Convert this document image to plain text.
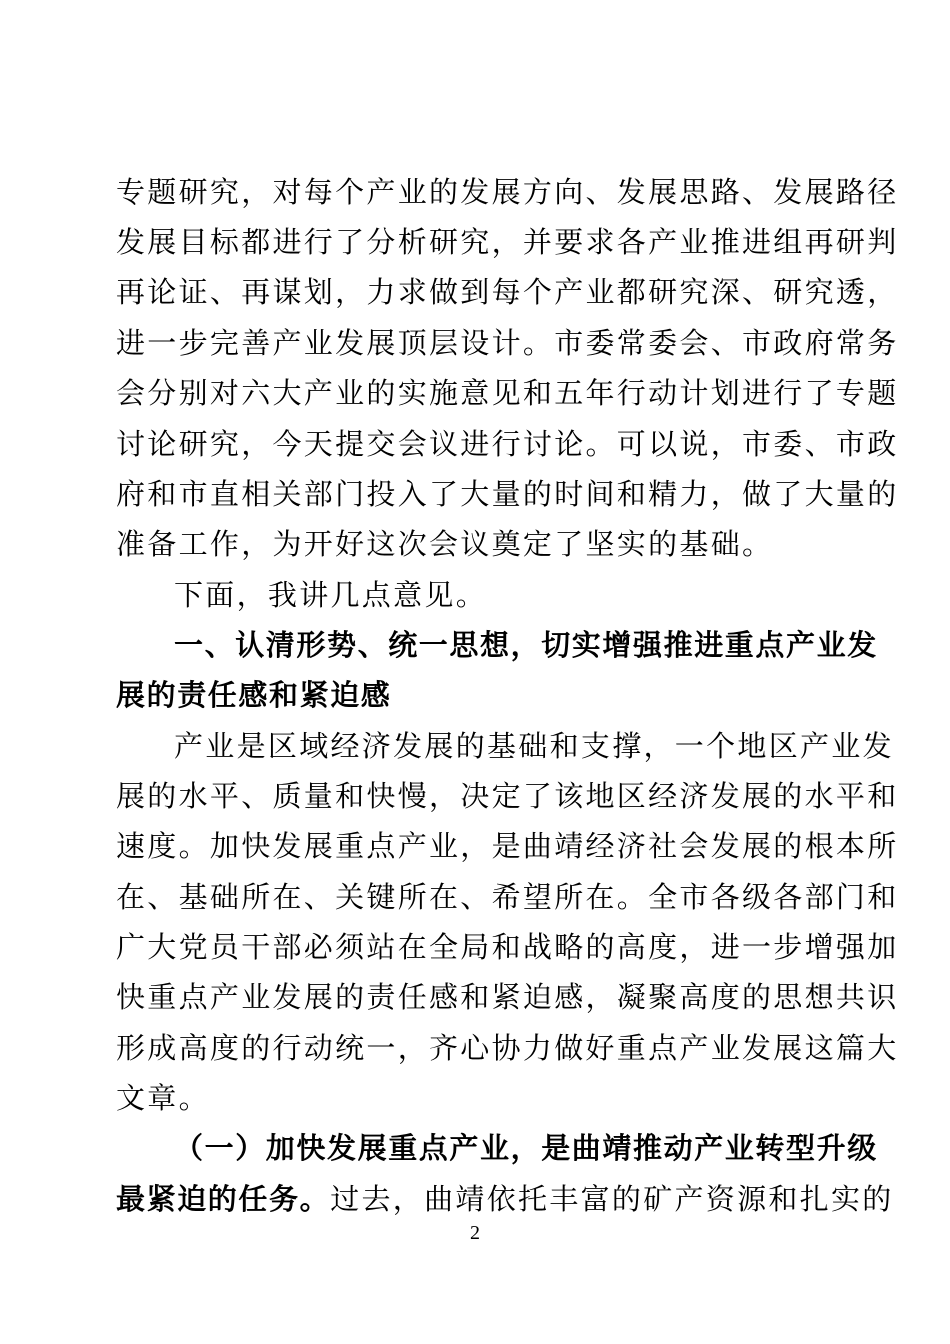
专题研究，对每个产业的发展方向、发展思路、发展路径
发展目标都进行了分析研究，并要求各产业推进组再研判
再论证、再谋划，力求做到每个产业都研究深、研究透，
进一步完善产业发展顶层设计。市委常委会、市政府常务
会分别对六大产业的实施意见和五年行动计划进行了专题
讨论研究，今天提交会议进行讨论。可以说，市委、市政
府和市直相关部门投入了大量的时间和精力，做了大量的
准备工作，为开好这次会议奠定了坚实的基础。
下面，我讲几点意见。
一、认清形势、统一思想，切实增强推进重点产业发
展的责任感和紧迫感
产业是区域经济发展的基础和支撑，一个地区产业发
展的水平、质量和快慢，决定了该地区经济发展的水平和
速度。加快发展重点产业，是曲靖经济社会发展的根本所
在、基础所在、关键所在、希望所在。全市各级各部门和
广大党员干部必须站在全局和战略的高度，进一步增强加
快重点产业发展的责任感和紧迫感，凝聚高度的思想共识
形成高度的行动统一，齐心协力做好重点产业发展这篇大
文章。
（一）加快发展重点产业，是曲靖推动产业转型升级
最紧迫的任务。过去，曲靖依托丰富的矿产资源和扎实的
2
